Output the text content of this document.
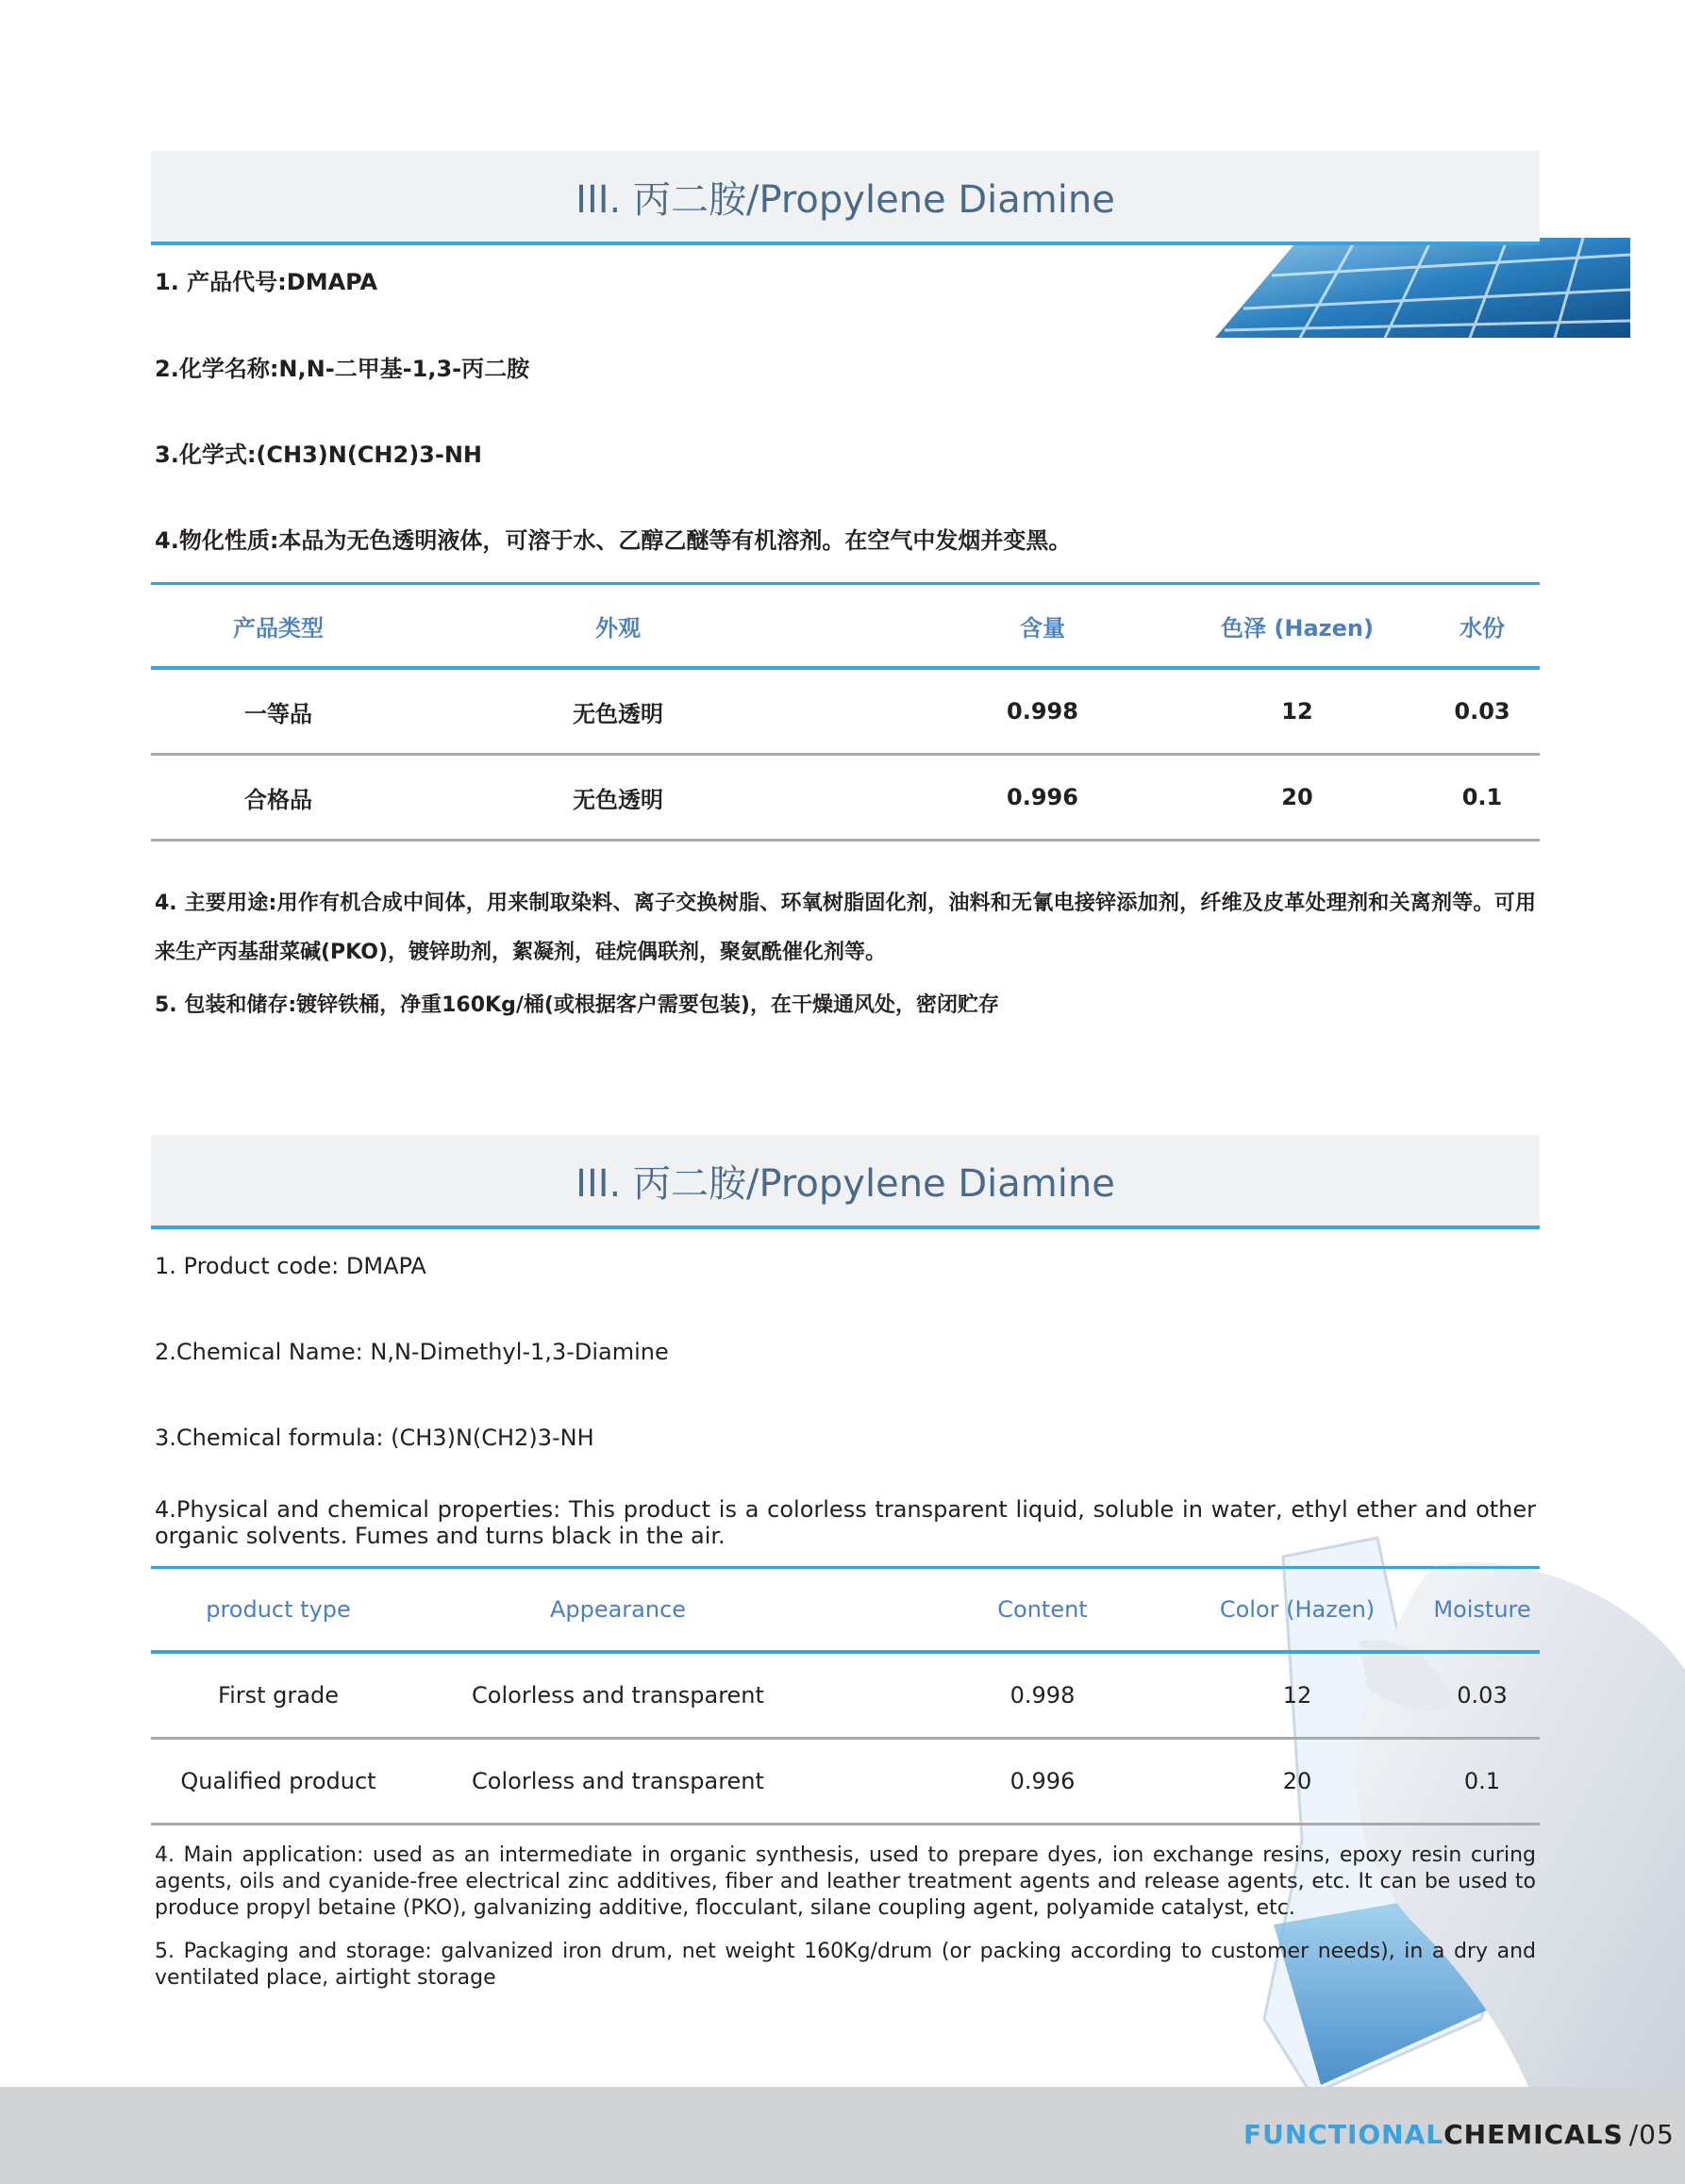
III. 丙二胺/Propylene Diamine
1. 产品代号:DMAPA
2.化学名称:N,N-二甲基-1,3-丙二胺
3.化学式:(CH3)N(CH2)3-NH
4.物化性质:本品为无色透明液体，可溶于水、乙醇乙醚等有机溶剂。在空气中发烟并变黑。
产品类型	外观	含量	色泽 (Hazen)	水份
一等品	无色透明	0.998	12	0.03
合格品	无色透明	0.996	20	0.1
4. 主要用途:用作有机合成中间体，用来制取染料、离子交换树脂、环氧树脂固化剂，油料和无氰电接锌添加剂，纤维及皮革处理剂和关离剂等。可用来生产丙基甜菜碱(PKO)，镀锌助剂，絮凝剂，硅烷偶联剂，聚氨酰催化剂等。
5. 包装和储存:镀锌铁桶，净重160Kg/桶(或根据客户需要包装)，在干燥通风处，密闭贮存
III. 丙二胺/Propylene Diamine
1. Product code: DMAPA
2.Chemical Name: N,N-Dimethyl-1,3-Diamine
3.Chemical formula: (CH3)N(CH2)3-NH
4.Physical and chemical properties: This product is a colorless transparent liquid, soluble in water, ethyl ether and other organic solvents. Fumes and turns black in the air.
product type	Appearance	Content	Color (Hazen)	Moisture
First grade	Colorless and transparent	0.998	12	0.03
Qualified product	Colorless and transparent	0.996	20	0.1
4. Main application: used as an intermediate in organic synthesis, used to prepare dyes, ion exchange resins, epoxy resin curing agents, oils and cyanide-free electrical zinc additives, fiber and leather treatment agents and release agents, etc. It can be used to produce propyl betaine (PKO), galvanizing additive, flocculant, silane coupling agent, polyamide catalyst, etc.
5. Packaging and storage: galvanized iron drum, net weight 160Kg/drum (or packing according to customer needs), in a dry and ventilated place, airtight storage
FUNCTIONALCHEMICALS /05
